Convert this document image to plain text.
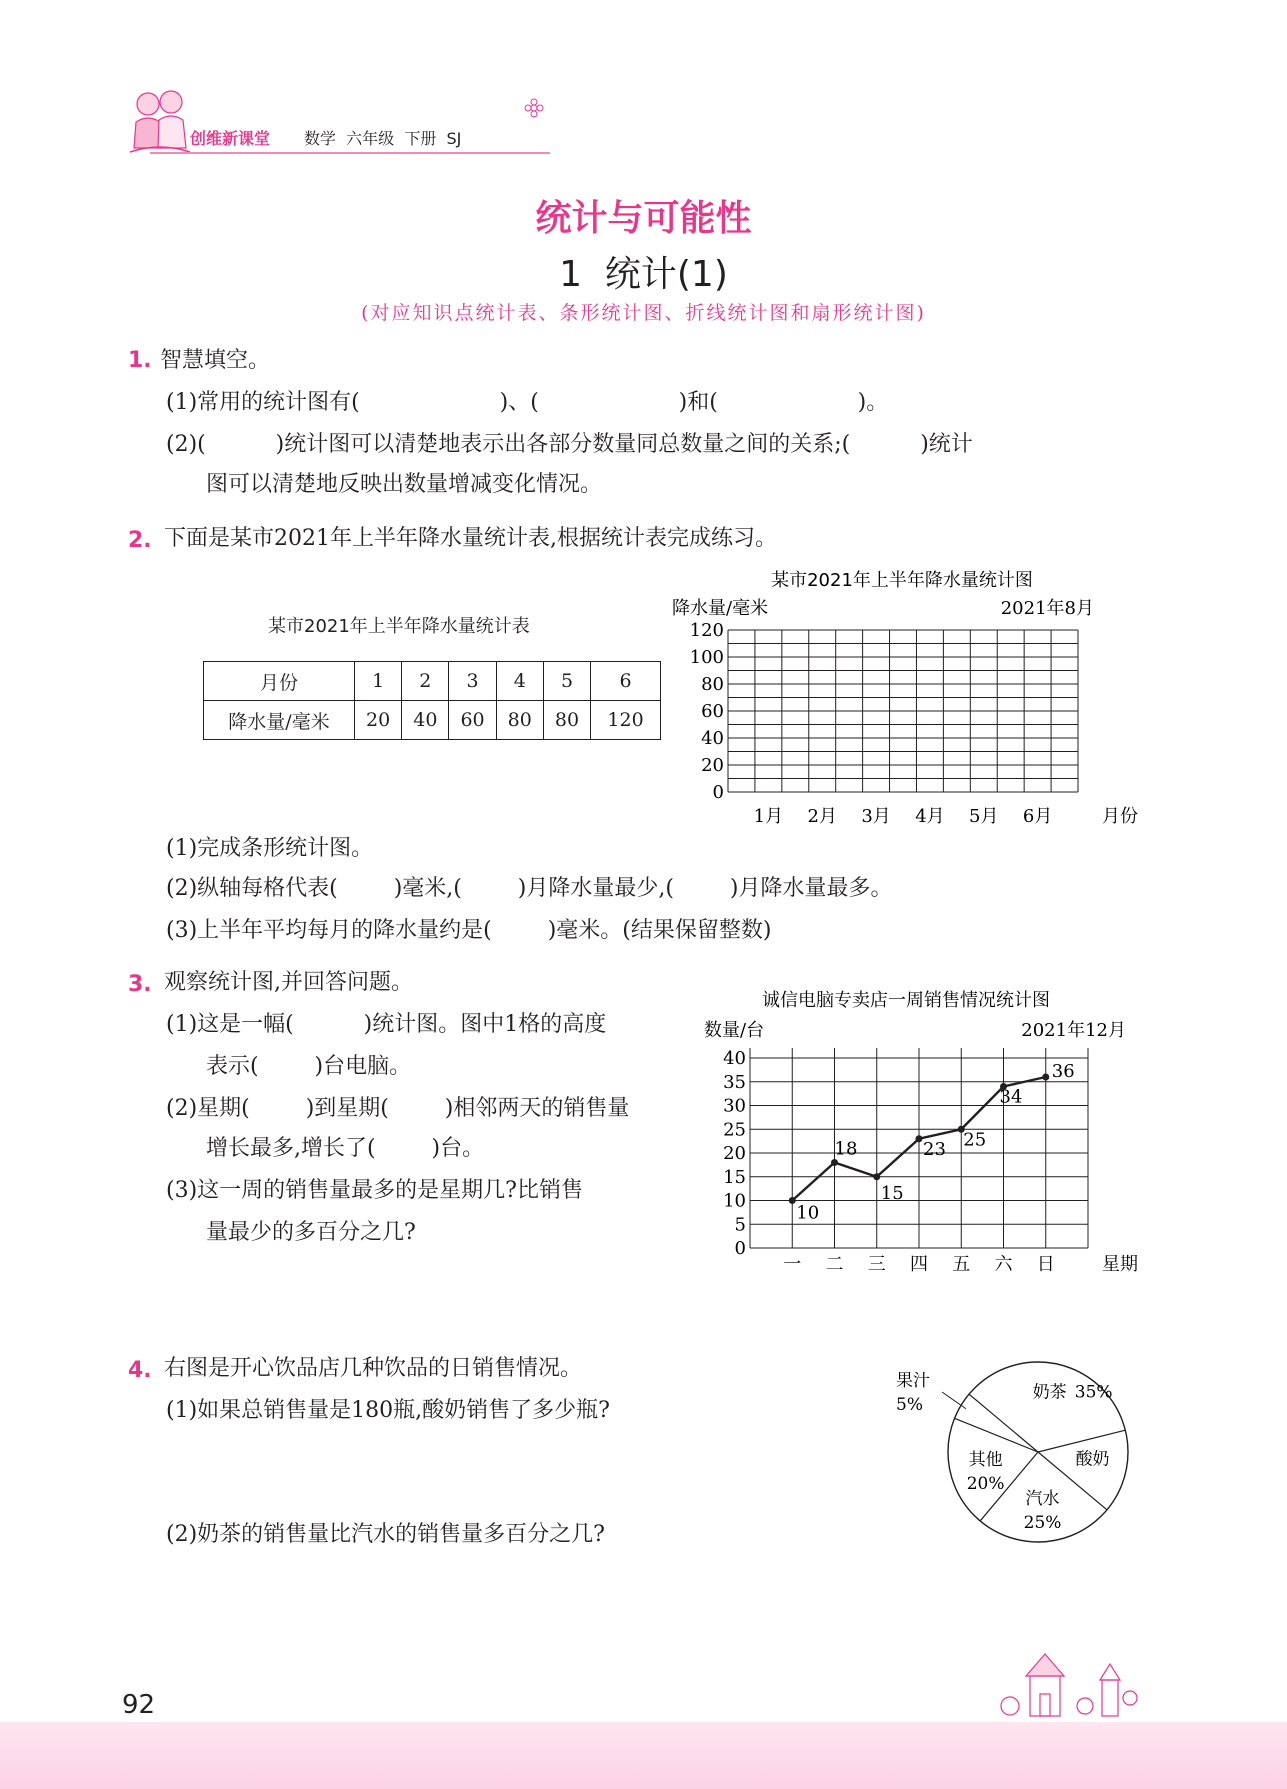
创维新课堂 数学  六年级  下册  SJ
统计与可能性
1  统计(1)
(对应知识点统计表、条形统计图、折线统计图和扇形统计图)
1. 智慧填空。
(1)常用的统计图有(                    )、(                    )和(                    )。
(2)(          )统计图可以清楚地表示出各部分数量同总数量之间的关系;(          )统计
图可以清楚地反映出数量增减变化情况。
2. 下面是某市2021年上半年降水量统计表,根据统计表完成练习。
某市2021年上半年降水量统计表
月份	1	2	3	4	5	6
降水量/毫米	20	40	60	80	80	120
某市2021年上半年降水量统计图
降水量/毫米	2021年8月
120
100
80
60
40
20
0
1月 2月 3月 4月 5月 6月	月份
(1)完成条形统计图。
(2)纵轴每格代表(        )毫米,(        )月降水量最少,(        )月降水量最多。
(3)上半年平均每月的降水量约是(        )毫米。(结果保留整数)
3. 观察统计图,并回答问题。
(1)这是一幅(          )统计图。图中1格的高度
表示(        )台电脑。
(2)星期(        )到星期(        )相邻两天的销售量
增长最多,增长了(        )台。
(3)这一周的销售量最多的是星期几?比销售
量最少的多百分之几?
诚信电脑专卖店一周销售情况统计图
数量/台	2021年12月
40
35
30
25
20
15
10
5
0
一 二 三 四 五 六 日	星期
10
18
15
23 25
34
36
4. 右图是开心饮品店几种饮品的日销售情况。
(1)如果总销售量是180瓶,酸奶销售了多少瓶?
(2)奶茶的销售量比汽水的销售量多百分之几?
奶茶 35%
酸奶
汽水
25%
其他
20%
果汁
5%
92
